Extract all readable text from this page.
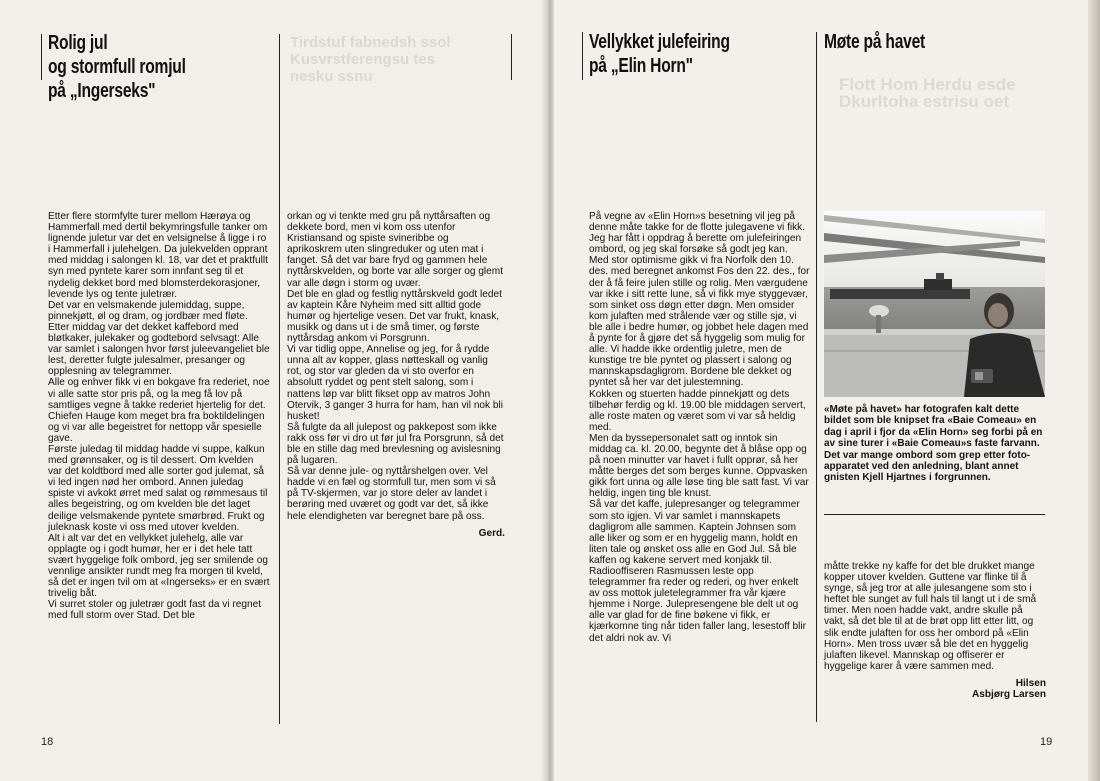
Rolig jul
og stormfull romjul
på „Ingerseks"
Tirdstuf fabnedsh ssol
Kusvrstferengsu tes
nesku ssnu

Etter flere stormfylte turer mellom Hærøya og Hammerfall med dertil bekymringsfulle tanker om lignende juletur var det en velsignelse å ligge i ro i Hammerfall i julehelgen. Da julekvelden opprant med middag i salongen kl. 18, var det et praktfullt syn med pyntete karer som innfant seg til et nydelig dekket bord med blomsterdekorasjoner, levende lys og tente juletrær.

Det var en velsmakende julemiddag, suppe, pinnekjøtt, øl og dram, og jordbær med fløte.

Etter middag var det dekket kaffebord med bløtkaker, julekaker og godtebord selvsagt: Alle var samlet i salongen hvor først juleevangeliet ble lest, deretter fulgte julesalmer, presanger og opplesning av telegrammer.

Alle og enhver fikk vi en bokgave fra rederiet, noe vi alle satte stor pris på, og la meg få lov på samtliges vegne å takke rederiet hjertelig for det. Chiefen Hauge kom meget bra fra boktildelingen og vi var alle begeistret for nettopp vår spesielle gave.

Første juledag til middag hadde vi suppe, kalkun med grønnsaker, og is til dessert. Om kvelden var det koldtbord med alle sorter god julemat, så vi led ingen nød her ombord. Annen juledag spiste vi avkokt ørret med salat og rømmesaus til alles begeistring, og om kvelden ble det laget deilige velsmakende pyntete smørbrød. Frukt og juleknask koste vi oss med utover kvelden.

Alt i alt var det en vellykket julehelg, alle var opplagte og i godt humør, her er i det hele tatt svært hyggelige folk ombord, jeg ser smilende og vennlige ansikter rundt meg fra morgen til kveld, så det er ingen tvil om at «Ingerseks» er en svært trivelig båt.

Vi surret stoler og juletrær godt fast da vi regnet med full storm over Stad. Det ble

orkan og vi tenkte med gru på nyttårsaften og dekkete bord, men vi kom oss utenfor Kristiansand og spiste svineribbe og aprikoskrem uten slingreduker og uten mat i fanget. Så det var bare fryd og gammen hele nyttårskvelden, og borte var alle sorger og glemt var alle døgn i storm og uvær.

Det ble en glad og festlig nyttårskveld godt ledet av kaptein Kåre Nyheim med sitt alltid gode humør og hjertelige vesen. Det var frukt, knask, musikk og dans ut i de små timer, og første nyttårsdag ankom vi Porsgrunn.

Vi var tidlig oppe, Annelise og jeg, for å rydde unna alt av kopper, glass nøtteskall og vanlig rot, og stor var gleden da vi sto overfor en absolutt ryddet og pent stelt salong, som i nattens løp var blitt fikset opp av matros John Otervik, 3 ganger 3 hurra for ham, han vil nok bli husket!

Så fulgte da all julepost og pakkepost som ikke rakk oss før vi dro ut før jul fra Porsgrunn, så det ble en stille dag med brevlesning og avislesning på lugaren.

Så var denne jule- og nyttårshelgen over. Vel hadde vi en fæl og stormfull tur, men som vi så på TV-skjermen, var jo store deler av landet i berøring med uværet og godt var det, så ikke hele elendigheten var beregnet bare på oss.

Gerd.

18
Vellykket julefeiring
på „Elin Horn"
Møte på havet
Flott Hom Herdu esde
Dkurltoha estrisu oet

På vegne av «Elin Horn»s besetning vil jeg på denne måte takke for de flotte julegavene vi fikk.

Jeg har fått i oppdrag å berette om julefeiringen ombord, og jeg skal forsøke så godt jeg kan.

Med stor optimisme gikk vi fra Norfolk den 10. des. med beregnet ankomst Fos den 22. des., for der å få feire julen stille og rolig. Men værgudene var ikke i sitt rette lune, så vi fikk mye styggevær, som sinket oss døgn etter døgn. Men omsider kom julaften med strålende vær og stille sjø, vi ble alle i bedre humør, og jobbet hele dagen med å pynte for å gjøre det så hyggelig som mulig for alle. Vi hadde ikke ordentlig juletre, men de kunstige tre ble pyntet og plassert i salong og mannskapsdagligrom. Bordene ble dekket og pyntet så her var det julestemning.

Kokken og stuerten hadde pinnekjøtt og dets tilbehør ferdig og kl. 19.00 ble middagen servert, alle roste maten og været som vi var så heldig med.

Men da byssepersonalet satt og inntok sin middag ca. kl. 20.00, begynte det å blåse opp og på noen minutter var havet i fullt opprør, så her måtte berges det som berges kunne. Oppvasken gikk fort unna og alle løse ting ble satt fast. Vi var heldig, ingen ting ble knust.

Så var det kaffe, julepresanger og telegrammer som sto igjen. Vi var samlet i mannskapets dagligrom alle sammen. Kaptein Johnsen som alle liker og som er en hyggelig mann, holdt en liten tale og ønsket oss alle en God Jul. Så ble kaffen og kakene servert med konjakk til.

Radiooffiseren Rasmussen leste opp telegrammer fra reder og rederi, og hver enkelt av oss mottok juletelegrammer fra vår kjære hjemme i Norge. Julepresengene ble delt ut og alle var glad for de fine bøkene vi fikk, er kjærkomne ting når tiden faller lang, lesestoff blir det aldri nok av. Vi

måtte trekke ny kaffe for det ble drukket mange kopper utover kvelden. Guttene var flinke til å synge, så jeg tror at alle julesangene som sto i heftet ble sunget av full hals til langt ut i de små timer. Men noen hadde vakt, andre skulle på vakt, så det ble til at de brøt opp litt etter litt, og slik endte julaften for oss her ombord på «Elin Horn». Men tross uvær så ble det en hyggelig julaften likevel. Mannskap og offiserer er hyggelige karer å være sammen med.

Hilsen

Asbjørg Larsen

19
«Møte på havet» har fotografen kalt dette bildet som ble knipset fra «Baie Comeau» en dag i april i fjor da «Elin Horn» seg forbi på en av sine turer i «Baie Comeau»s faste farvann. Det var mange ombord som grep etter foto-apparatet ved den anledning, blant annet gnisten Kjell Hjartnes i forgrunnen.
